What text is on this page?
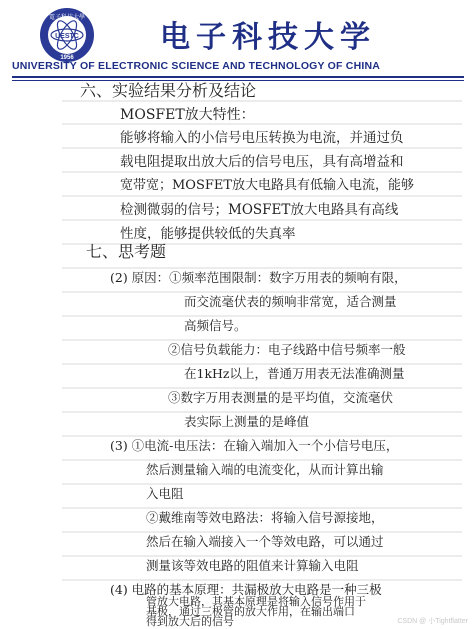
UESTC
電子科技大學
1956
电子科技大学
UNIVERSITY OF ELECTRONIC SCIENCE AND TECHNOLOGY OF CHINA
六、实验结果分析及结论
MOSFET放大特性：
能够将输入的小信号电压转换为电流，并通过负
载电阻提取出放大后的信号电压，具有高增益和
宽带宽；MOSFET放大电路具有低输入电流，能够
检测微弱的信号；MOSFET放大电路具有高线
性度，能够提供较低的失真率
七、思考题
(2) 原因：①频率范围限制：数字万用表的频响有限，
而交流毫伏表的频响非常宽，适合测量
高频信号。
②信号负载能力：电子线路中信号频率一般
在1kHz以上，普通万用表无法准确测量
③数字万用表测量的是平均值，交流毫伏
表实际上测量的是峰值
(3) ①电流-电压法：在输入端加入一个小信号电压，
然后测量输入端的电流变化，从而计算出输
入电阻
②戴维南等效电路法：将输入信号源接地，
然后在输入端接入一个等效电路，可以通过
测量该等效电路的阻值来计算输入电阻
(4) 电路的基本原理：共漏极放大电路是一种三极
管放大电路，其基本原理是将输入信号作用于
基极，通过三极管的放大作用，在输出端口
得到放大后的信号	CSDN @ 小Tightflatter
